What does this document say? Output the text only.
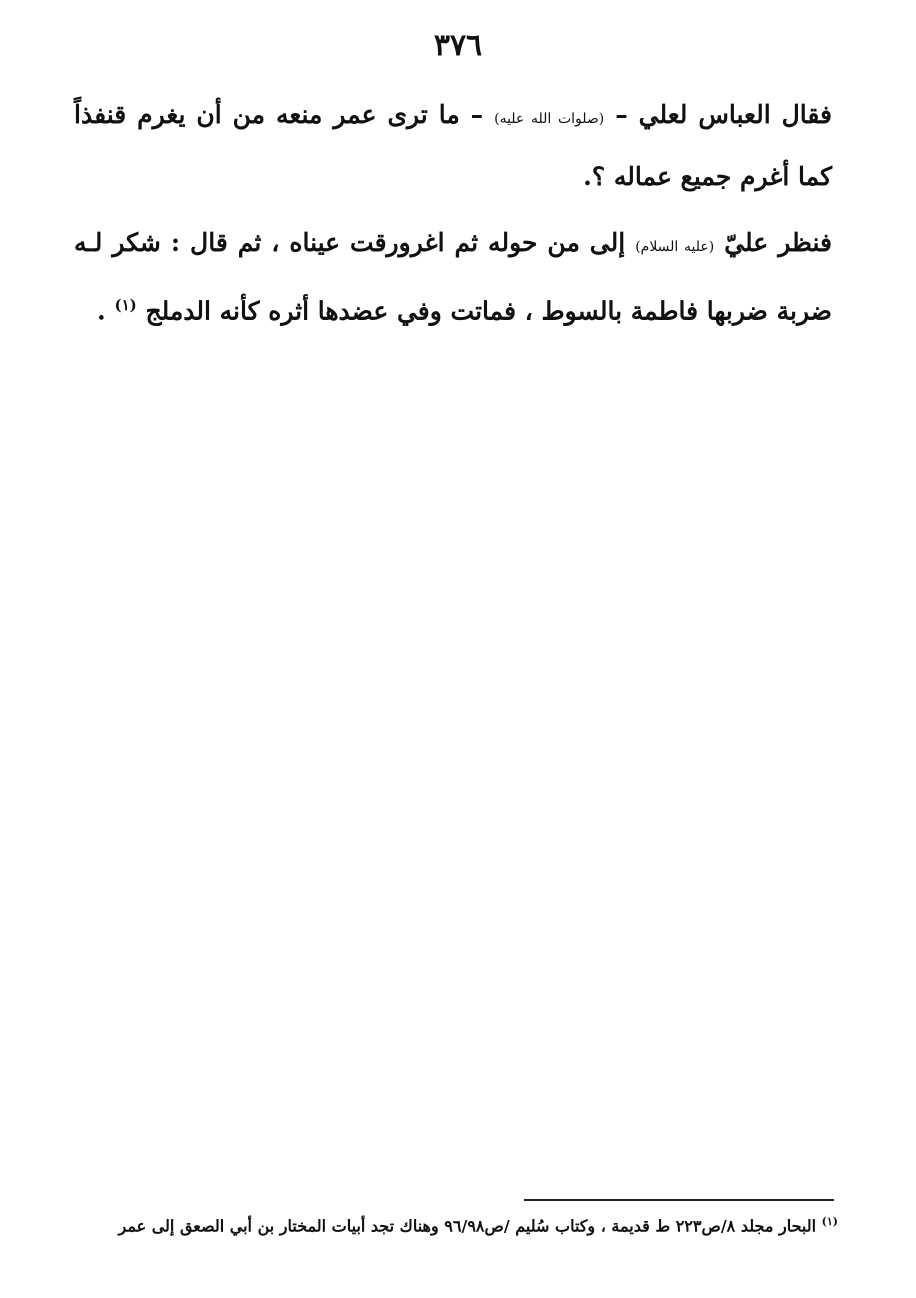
٣٧٦

فقال العباس لعلي – (صلوات الله عليه) – ما ترى عمر منعه من أن يغرم قنفذاً
كما أغرم جميع عماله ؟.

فنظر عليّ (عليه السلام) إلى من حوله ثم اغرورقت عيناه ، ثم قال : شكر لـه
ضربة ضربها فاطمة بالسوط ، فماتت وفي عضدها أثره كأنه الدملج $^{(١)}$ .

$^{(١)}$ البحار مجلد ٨/ص٢٢٣ ط قديمة ، وكتاب سُليم /ص٩٦/٩٨ وهناك تجد أبيات المختار بن أبي الصعق إلى عمر
